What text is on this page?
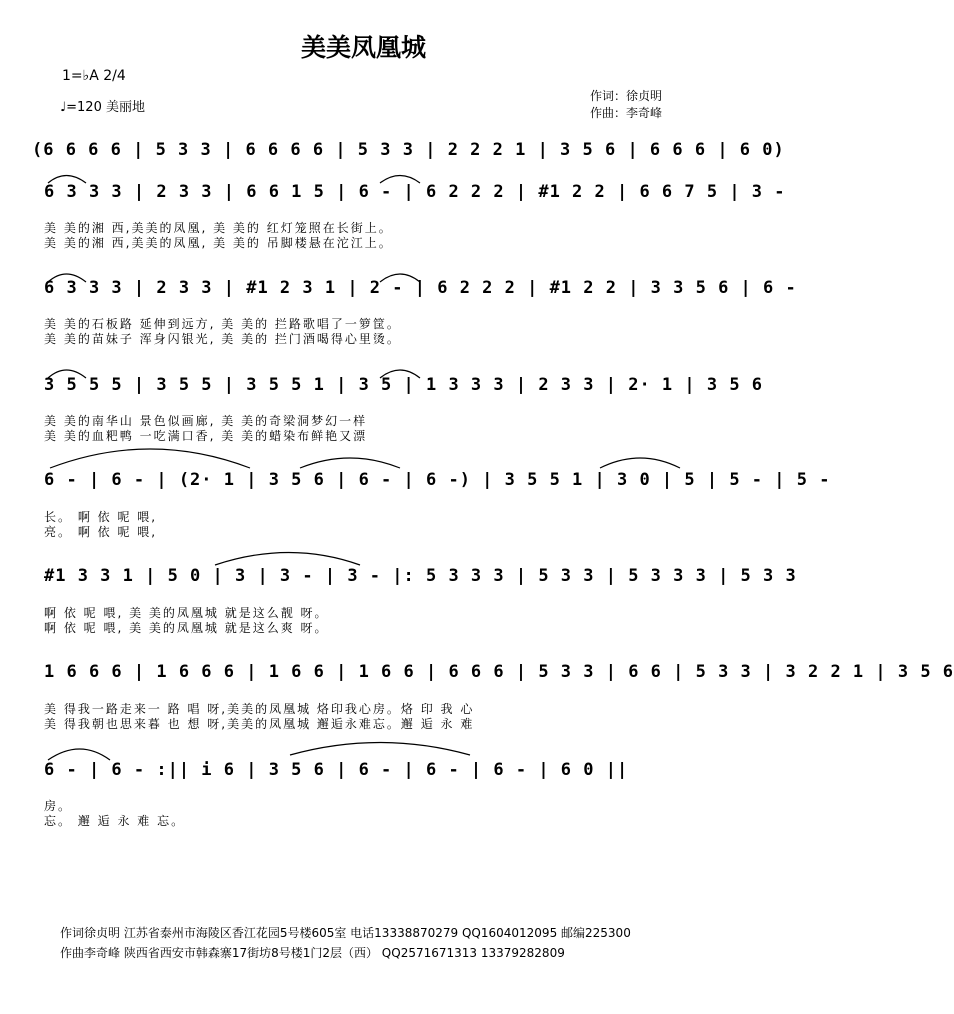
美美凤凰城
1=♭A 2/4
♩=120 美丽地
作词：徐贞明
作曲：李奇峰
(6 6 6 6 | 5 3 3 | 6 6 6 6 | 5 3 3 | 2 2 2 1 | 3 5 6 | 6 6 6 | 6 0)
6 3 3 3 | 2 3 3 | 6 6 1 5 | 6 - | 6 2 2 2 | #1 2 2 | 6 6 7 5 | 3 -
美 美的湘 西,美美的凤凰, 美 美的 红灯笼照在长街上。
美 美的湘 西,美美的凤凰, 美 美的 吊脚楼悬在沱江上。
6 3 3 3 | 2 3 3 | #1 2 3 1 | 2 - | 6 2 2 2 | #1 2 2 | 3 3 5 6 | 6 -
美 美的石板路 延伸到远方, 美 美的 拦路歌唱了一箩筐。
美 美的苗妹子 浑身闪银光, 美 美的 拦门酒喝得心里烫。
3 5 5 5 | 3 5 5 | 3 5 5 1 | 3 5 | 1 3 3 3 | 2 3 3 | 2· 1 | 3 5 6
美 美的南华山 景色似画廊, 美 美的奇梁洞梦幻一样
美 美的血粑鸭 一吃满口香, 美 美的蜡染布鲜艳又漂
6 - | 6 - | (2· 1 | 3 5 6 | 6 - | 6 -) | 3 5 5 1 | 3 0 | 5 | 5 - | 5 -
长。 啊 依 呢 喂,
亮。 啊 依 呢 喂,
#1 3 3 1 | 5 0 | 3 | 3 - | 3 - |: 5 3 3 3 | 5 3 3 | 5 3 3 3 | 5 3 3
啊 依 呢 喂, 美 美的凤凰城 就是这么靓 呀。
啊 依 呢 喂, 美 美的凤凰城 就是这么爽 呀。
1 6 6 6 | 1 6 6 6 | 1 6 6 | 1 6 6 | 6 6 6 | 5 3 3 | 6 6 | 5 3 3 | 3 2 2 1 | 3 5 6
美 得我一路走来一 路 唱 呀,美美的凤凰城 烙印我心房。烙 印 我 心
美 得我朝也思来暮 也 想 呀,美美的凤凰城 邂逅永难忘。邂 逅 永 难
6 - | 6 - :|| i 6 | 3 5 6 | 6 - | 6 - | 6 - | 6 0 ||
房。
忘。 邂 逅 永 难 忘。
作词徐贞明 江苏省泰州市海陵区香江花园5号楼605室 电话13338870279 QQ1604012095 邮编225300
作曲李奇峰 陕西省西安市韩森寨17街坊8号楼1门2层（西） QQ2571671313 13379282809
